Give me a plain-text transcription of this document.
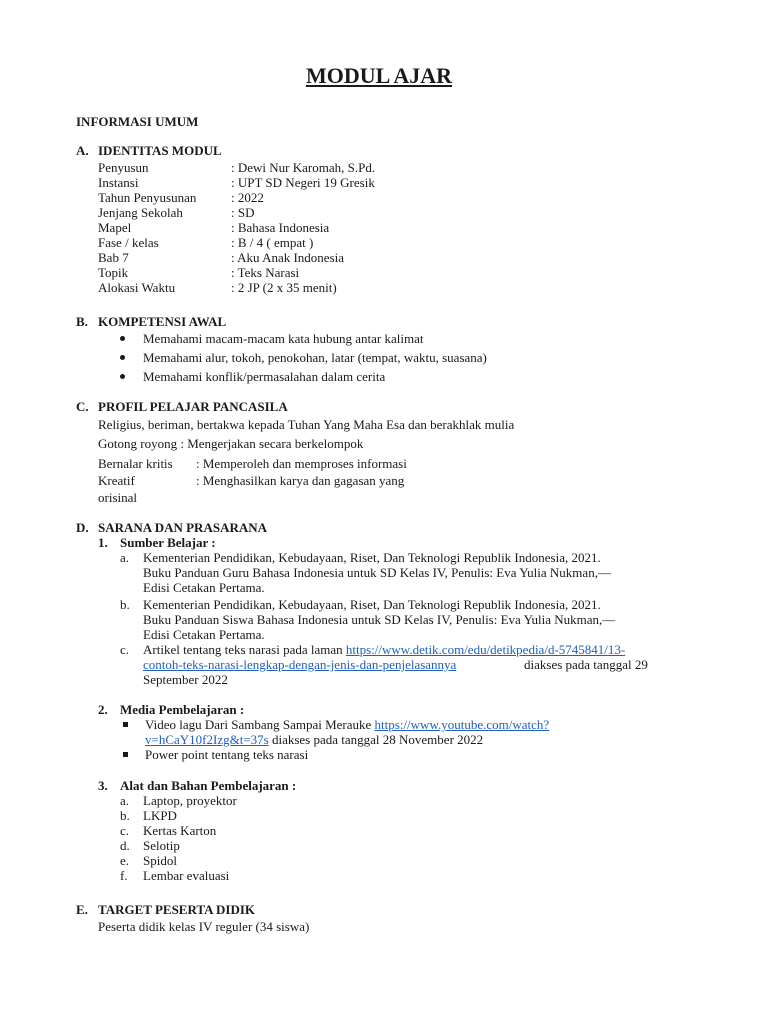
MODUL AJAR
INFORMASI UMUM
A. IDENTITAS MODUL
Penyusun	: Dewi Nur Karomah, S.Pd.
Instansi	: UPT SD Negeri 19 Gresik
Tahun Penyusunan	: 2022
Jenjang Sekolah	: SD
Mapel	: Bahasa Indonesia
Fase / kelas	: B / 4 ( empat )
Bab 7	: Aku Anak Indonesia
Topik	: Teks Narasi
Alokasi Waktu	: 2 JP (2 x 35 menit)
B. KOMPETENSI AWAL
Memahami macam-macam kata hubung antar kalimat
Memahami alur, tokoh, penokohan, latar (tempat, waktu, suasana)
Memahami konflik/permasalahan dalam cerita
C. PROFIL PELAJAR PANCASILA
Religius, beriman, bertakwa kepada Tuhan Yang Maha Esa dan berakhlak mulia
Gotong royong : Mengerjakan secara berkelompok
Bernalar kritis : Memperoleh dan memproses informasi
Kreatif	: Menghasilkan karya dan gagasan yang
orisinal
D. SARANA DAN PRASARANA
1. Sumber Belajar :
a. Kementerian Pendidikan, Kebudayaan, Riset, Dan Teknologi Republik Indonesia, 2021.
Buku Panduan Guru Bahasa Indonesia untuk SD Kelas IV, Penulis: Eva Yulia Nukman,—
Edisi Cetakan Pertama.
b. Kementerian Pendidikan, Kebudayaan, Riset, Dan Teknologi Republik Indonesia, 2021.
Buku Panduan Siswa Bahasa Indonesia untuk SD Kelas IV, Penulis: Eva Yulia Nukman,—
Edisi Cetakan Pertama.
c. Artikel tentang teks narasi pada laman https://www.detik.com/edu/detikpedia/d-5745841/13-
contoh-teks-narasi-lengkap-dengan-jenis-dan-penjelasannya	diakses pada tanggal 29
September 2022
2. Media Pembelajaran :
Video lagu Dari Sambang Sampai Merauke https://www.youtube.com/watch?
v=hCaY10f2Izg&t=37s diakses pada tanggal 28 November 2022
Power point tentang teks narasi
3. Alat dan Bahan Pembelajaran :
a. Laptop, proyektor
b. LKPD
c. Kertas Karton
d. Selotip
e. Spidol
f. Lembar evaluasi
E. TARGET PESERTA DIDIK
Peserta didik kelas IV reguler (34 siswa)
